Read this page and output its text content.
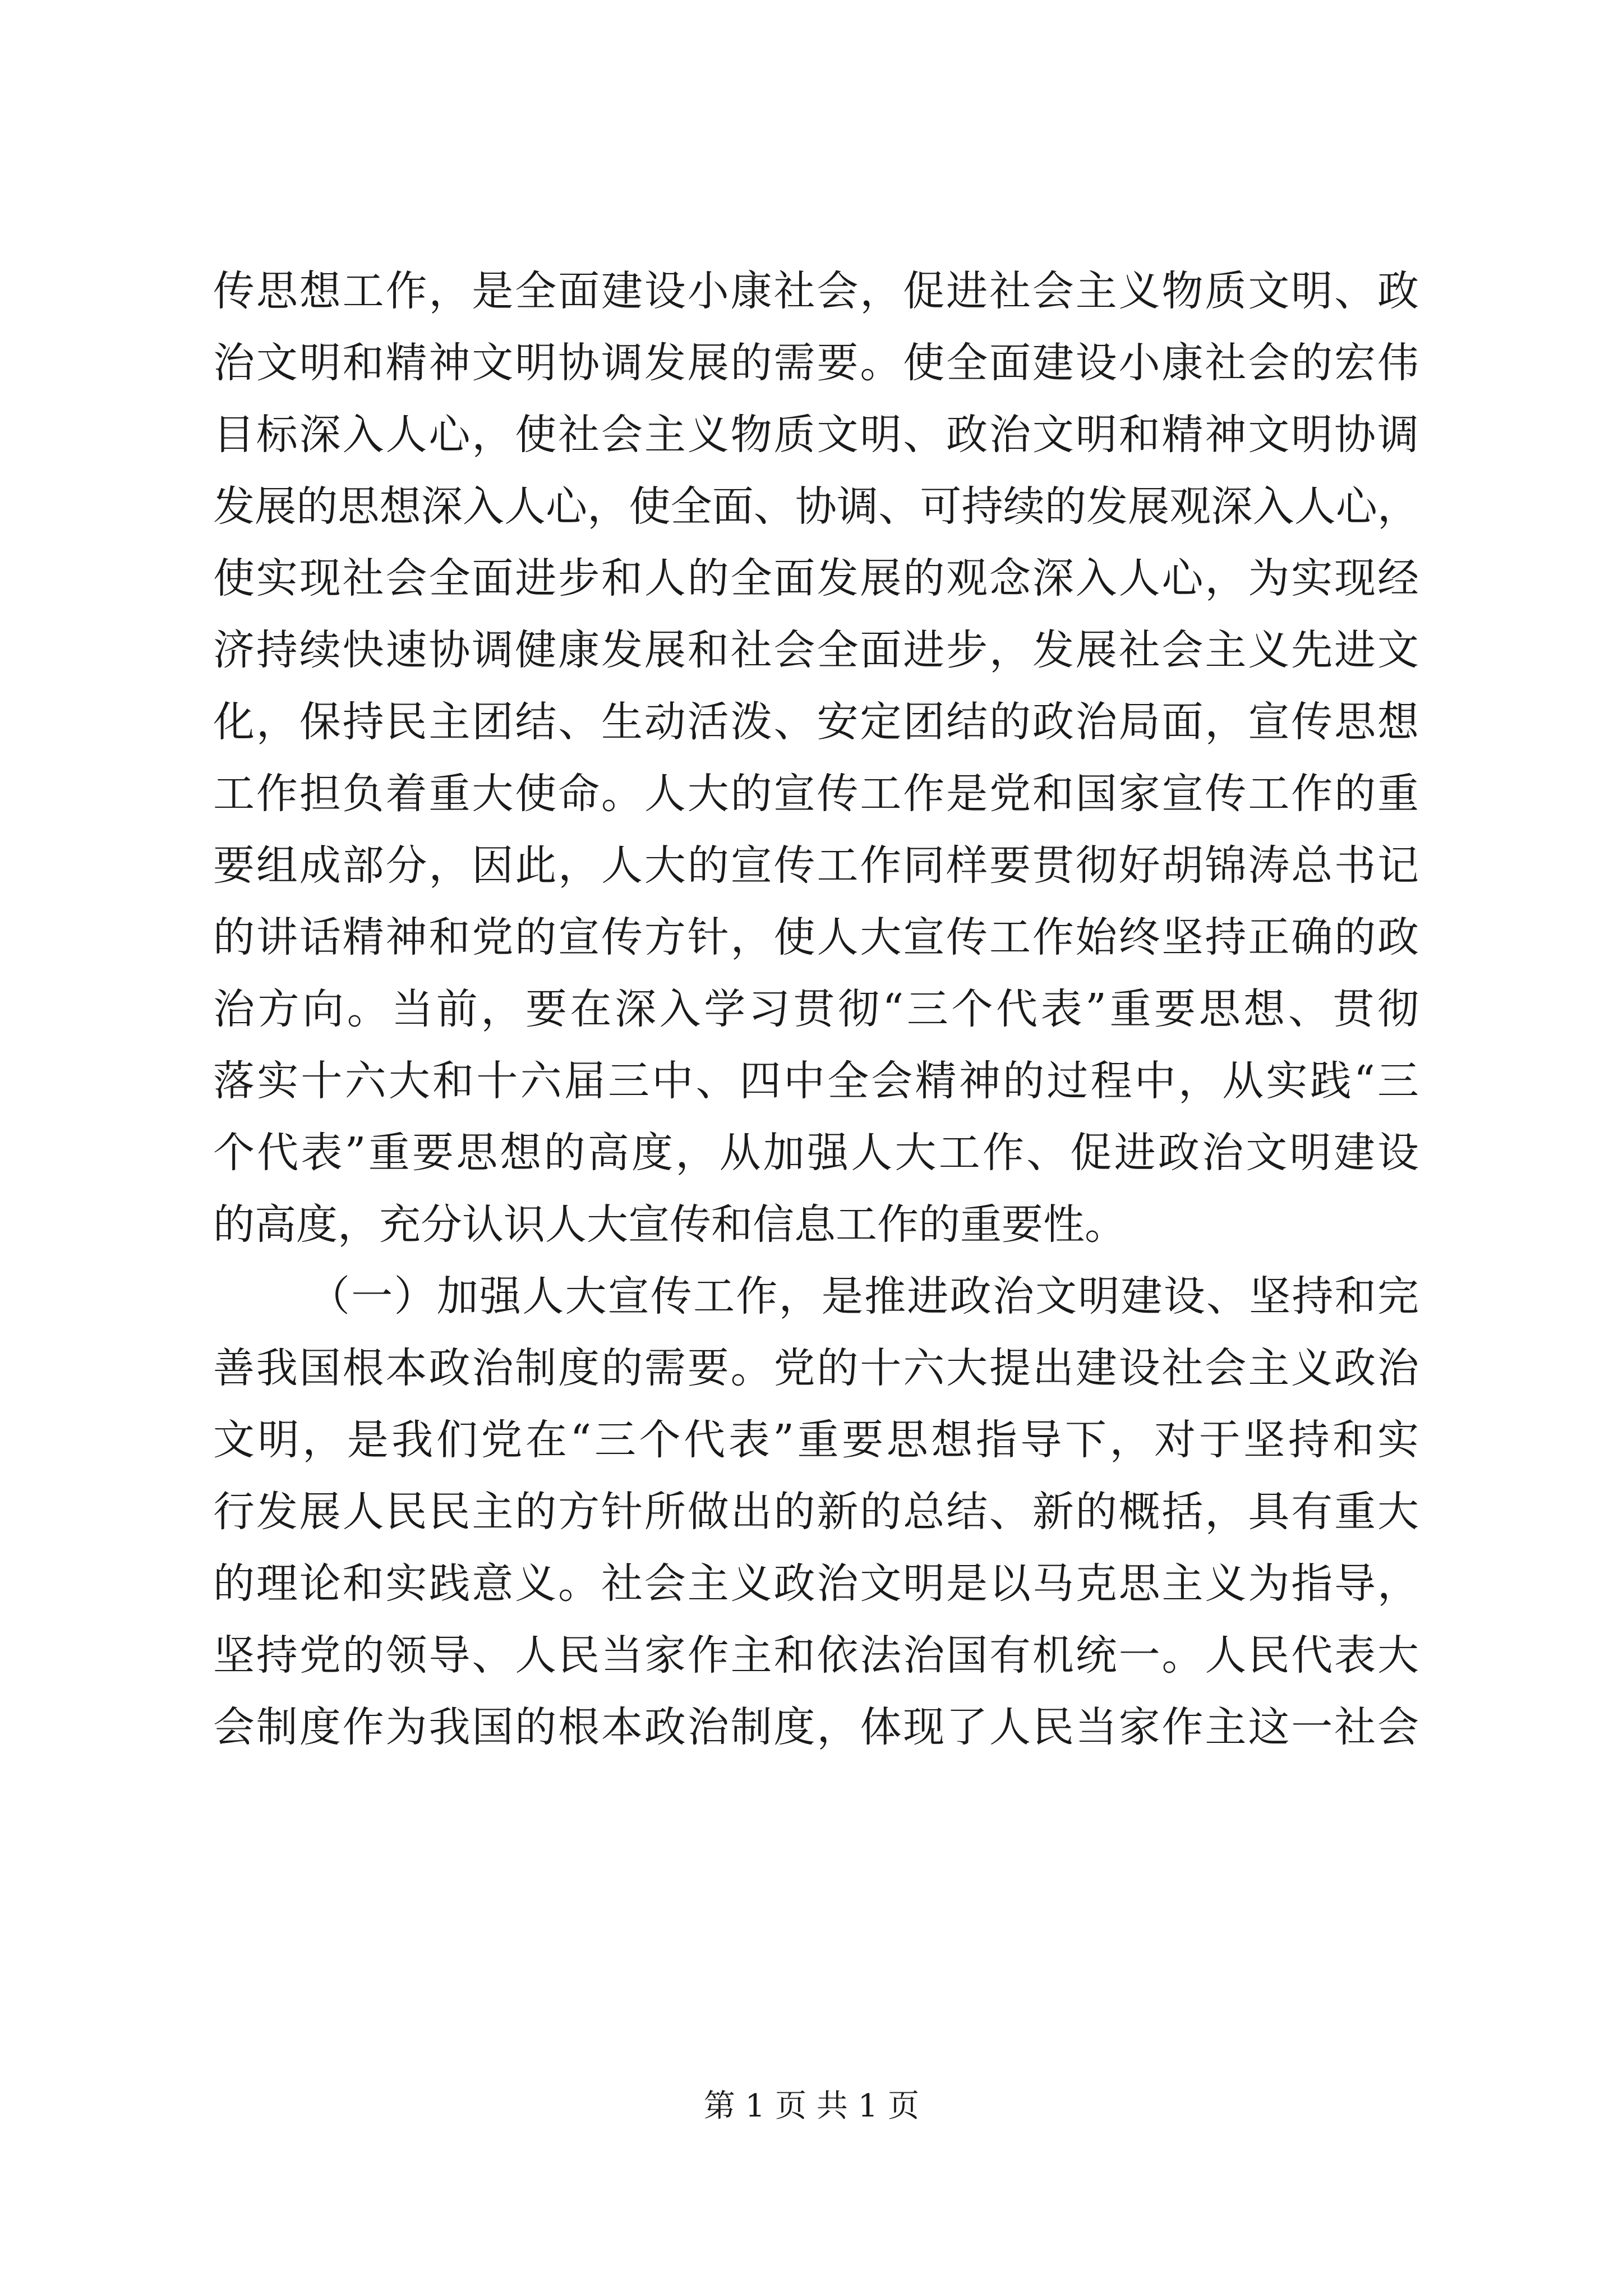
传思想工作，是全面建设小康社会，促进社会主义物质文明、政
治文明和精神文明协调发展的需要。使全面建设小康社会的宏伟
目标深入人心，使社会主义物质文明、政治文明和精神文明协调
发展的思想深入人心，使全面、协调、可持续的发展观深入人心，
使实现社会全面进步和人的全面发展的观念深入人心，为实现经
济持续快速协调健康发展和社会全面进步，发展社会主义先进文
化，保持民主团结、生动活泼、安定团结的政治局面，宣传思想
工作担负着重大使命。人大的宣传工作是党和国家宣传工作的重
要组成部分，因此，人大的宣传工作同样要贯彻好胡锦涛总书记
的讲话精神和党的宣传方针，使人大宣传工作始终坚持正确的政
治方向。当前，要在深入学习贯彻“三个代表”重要思想、贯彻
落实十六大和十六届三中、四中全会精神的过程中，从实践“三
个代表”重要思想的高度，从加强人大工作、促进政治文明建设
的高度，充分认识人大宣传和信息工作的重要性。
（一）加强人大宣传工作，是推进政治文明建设、坚持和完
善我国根本政治制度的需要。党的十六大提出建设社会主义政治
文明，是我们党在“三个代表”重要思想指导下，对于坚持和实
行发展人民民主的方针所做出的新的总结、新的概括，具有重大
的理论和实践意义。社会主义政治文明是以马克思主义为指导，
坚持党的领导、人民当家作主和依法治国有机统一。人民代表大
会制度作为我国的根本政治制度，体现了人民当家作主这一社会
第 1 页 共 1 页
